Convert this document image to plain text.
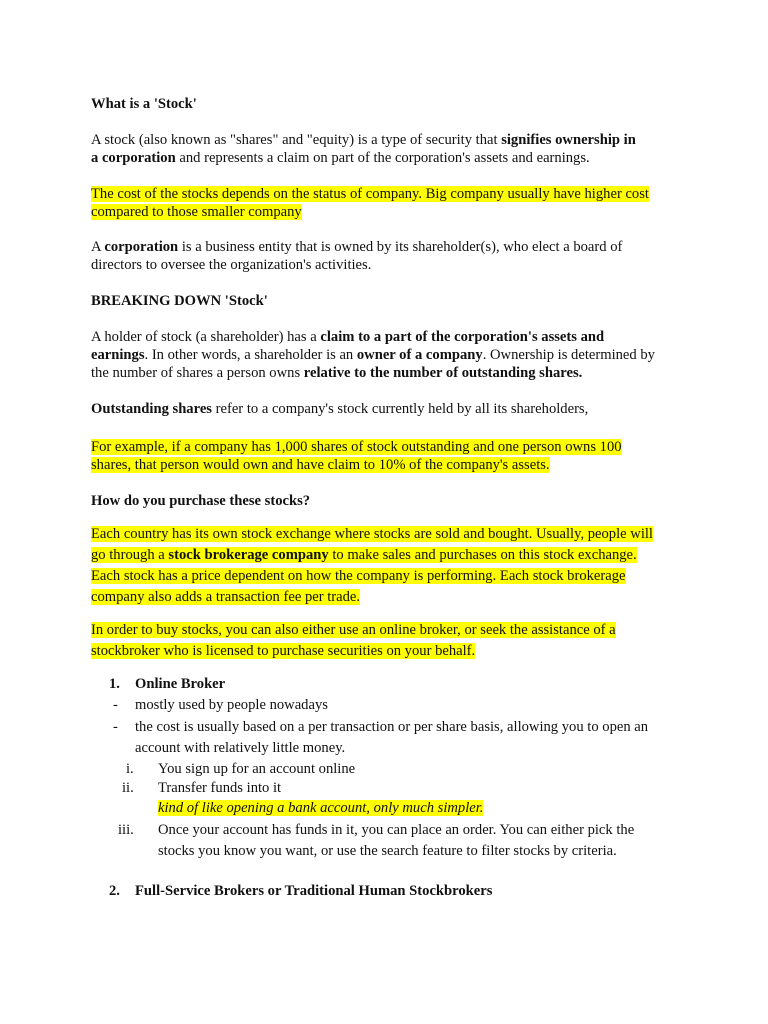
What is a 'Stock'
A stock (also known as "shares" and "equity) is a type of security that signifies ownership in
a corporation and represents a claim on part of the corporation's assets and earnings.
The cost of the stocks depends on the status of company. Big company usually have higher cost
compared to those smaller company
A corporation is a business entity that is owned by its shareholder(s), who elect a board of
directors to oversee the organization's activities.
BREAKING DOWN 'Stock'
A holder of stock (a shareholder) has a claim to a part of the corporation's assets and
earnings. In other words, a shareholder is an owner of a company. Ownership is determined by
the number of shares a person owns relative to the number of outstanding shares.
Outstanding shares refer to a company's stock currently held by all its shareholders,
For example, if a company has 1,000 shares of stock outstanding and one person owns 100
shares, that person would own and have claim to 10% of the company's assets.
How do you purchase these stocks?
Each country has its own stock exchange where stocks are sold and bought. Usually, people will
go through a stock brokerage company to make sales and purchases on this stock exchange.
Each stock has a price dependent on how the company is performing. Each stock brokerage
company also adds a transaction fee per trade.
In order to buy stocks, you can also either use an online broker, or seek the assistance of a
stockbroker who is licensed to purchase securities on your behalf.
1. Online Broker
- mostly used by people nowadays
- the cost is usually based on a per transaction or per share basis, allowing you to open an
account with relatively little money.
i. You sign up for an account online
ii. Transfer funds into it
kind of like opening a bank account, only much simpler.
iii. Once your account has funds in it, you can place an order. You can either pick the
stocks you know you want, or use the search feature to filter stocks by criteria.
2. Full-Service Brokers or Traditional Human Stockbrokers
